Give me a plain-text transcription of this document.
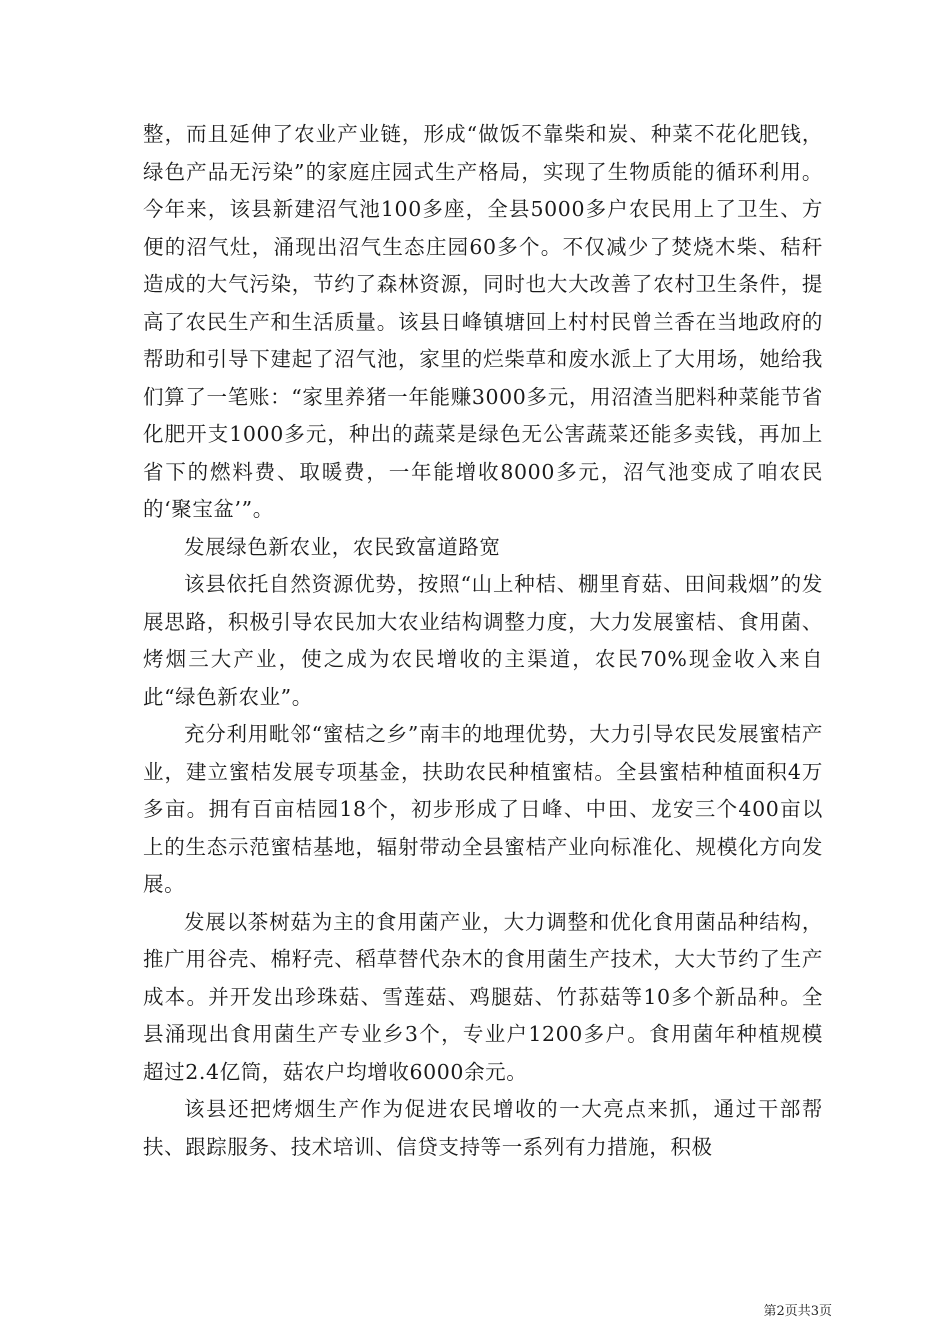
整，而且延伸了农业产业链，形成“做饭不靠柴和炭、种菜不花化肥钱，绿色产品无污染”的家庭庄园式生产格局，实现了生物质能的循环利用。今年来，该县新建沼气池100多座，全县5000多户农民用上了卫生、方便的沼气灶，涌现出沼气生态庄园60多个。不仅减少了焚烧木柴、秸秆造成的大气污染，节约了森林资源，同时也大大改善了农村卫生条件，提高了农民生产和生活质量。该县日峰镇塘回上村村民曾兰香在当地政府的帮助和引导下建起了沼气池，家里的烂柴草和废水派上了大用场，她给我们算了一笔账：“家里养猪一年能赚3000多元，用沼渣当肥料种菜能节省化肥开支1000多元，种出的蔬菜是绿色无公害蔬菜还能多卖钱，再加上省下的燃料费、取暖费，一年能增收8000多元，沼气池变成了咱农民的‘聚宝盆’”。

发展绿色新农业，农民致富道路宽

该县依托自然资源优势，按照“山上种桔、棚里育菇、田间栽烟”的发展思路，积极引导农民加大农业结构调整力度，大力发展蜜桔、食用菌、烤烟三大产业，使之成为农民增收的主渠道，农民70%现金收入来自此“绿色新农业”。

充分利用毗邻“蜜桔之乡”南丰的地理优势，大力引导农民发展蜜桔产业，建立蜜桔发展专项基金，扶助农民种植蜜桔。全县蜜桔种植面积4万多亩。拥有百亩桔园18个，初步形成了日峰、中田、龙安三个400亩以上的生态示范蜜桔基地，辐射带动全县蜜桔产业向标准化、规模化方向发展。

发展以茶树菇为主的食用菌产业，大力调整和优化食用菌品种结构，推广用谷壳、棉籽壳、稻草替代杂木的食用菌生产技术，大大节约了生产成本。并开发出珍珠菇、雪莲菇、鸡腿菇、竹荪菇等10多个新品种。全县涌现出食用菌生产专业乡3个，专业户1200多户。食用菌年种植规模超过2.4亿筒，菇农户均增收6000余元。

该县还把烤烟生产作为促进农民增收的一大亮点来抓，通过干部帮扶、跟踪服务、技术培训、信贷支持等一系列有力措施，积极

第2页共3页
